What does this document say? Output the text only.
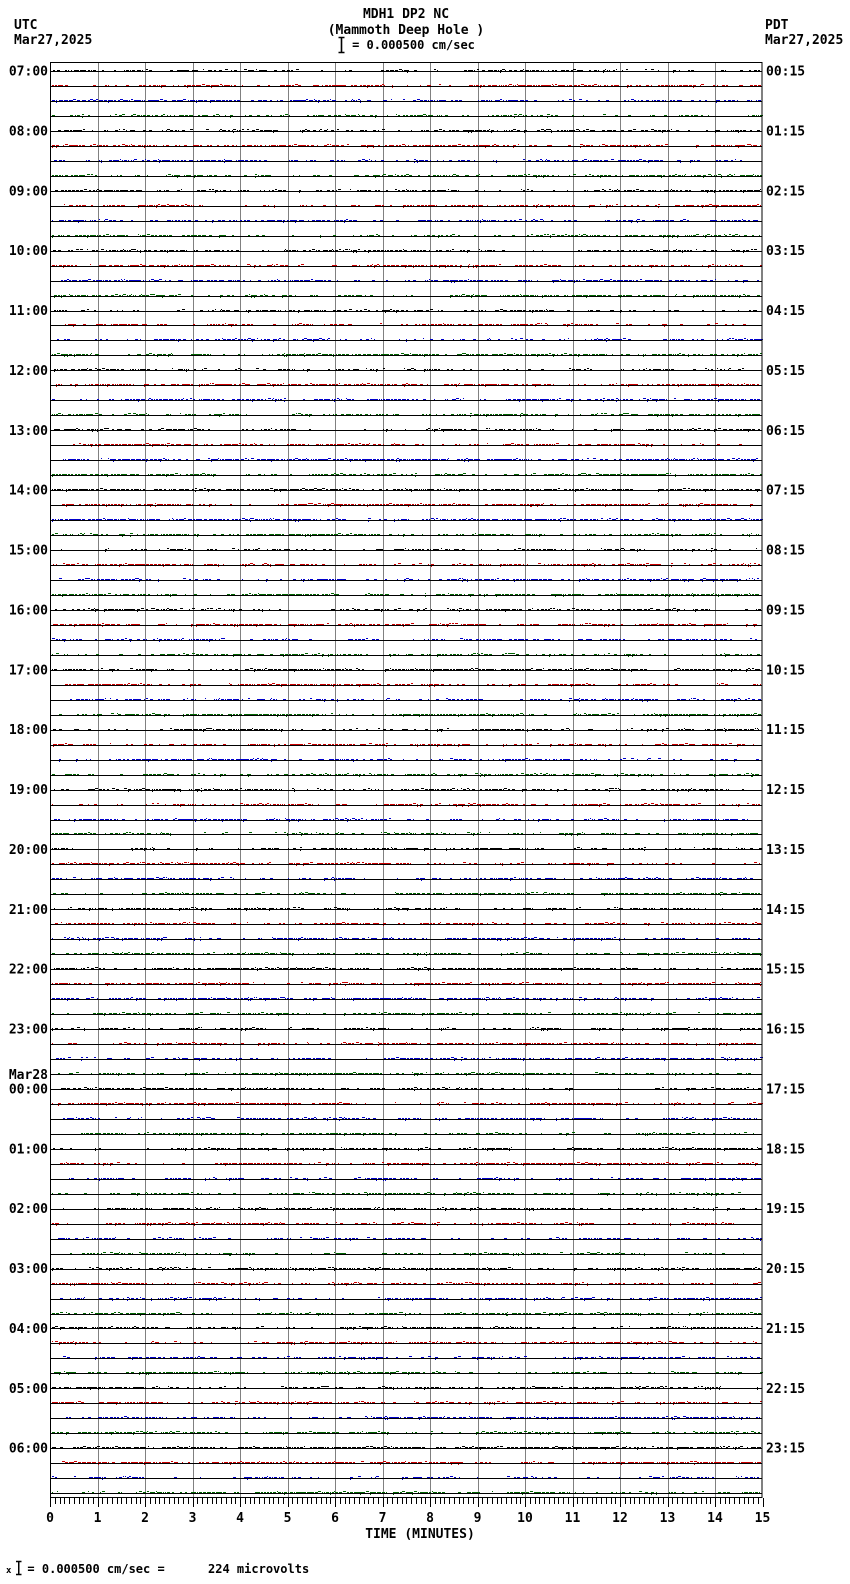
MDH1 DP2 NC
(Mammoth Deep Hole )
= 0.000500 cm/sec
UTC
Mar27,2025
PDT
Mar27,2025
07:00
08:00
09:00
10:00
11:00
12:00
13:00
14:00
15:00
16:00
17:00
18:00
19:00
20:00
21:00
22:00
23:00
Mar28
00:00
01:00
02:00
03:00
04:00
05:00
06:00
00:15
01:15
02:15
03:15
04:15
05:15
06:15
07:15
08:15
09:15
10:15
11:15
12:15
13:15
14:15
15:15
16:15
17:15
18:15
19:15
20:15
21:15
22:15
23:15
0	1	2	3	4	5	6	7	8	9	10 11 12 13 14 15
TIME (MINUTES)
x = 0.000500 cm/sec =      224 microvolts
